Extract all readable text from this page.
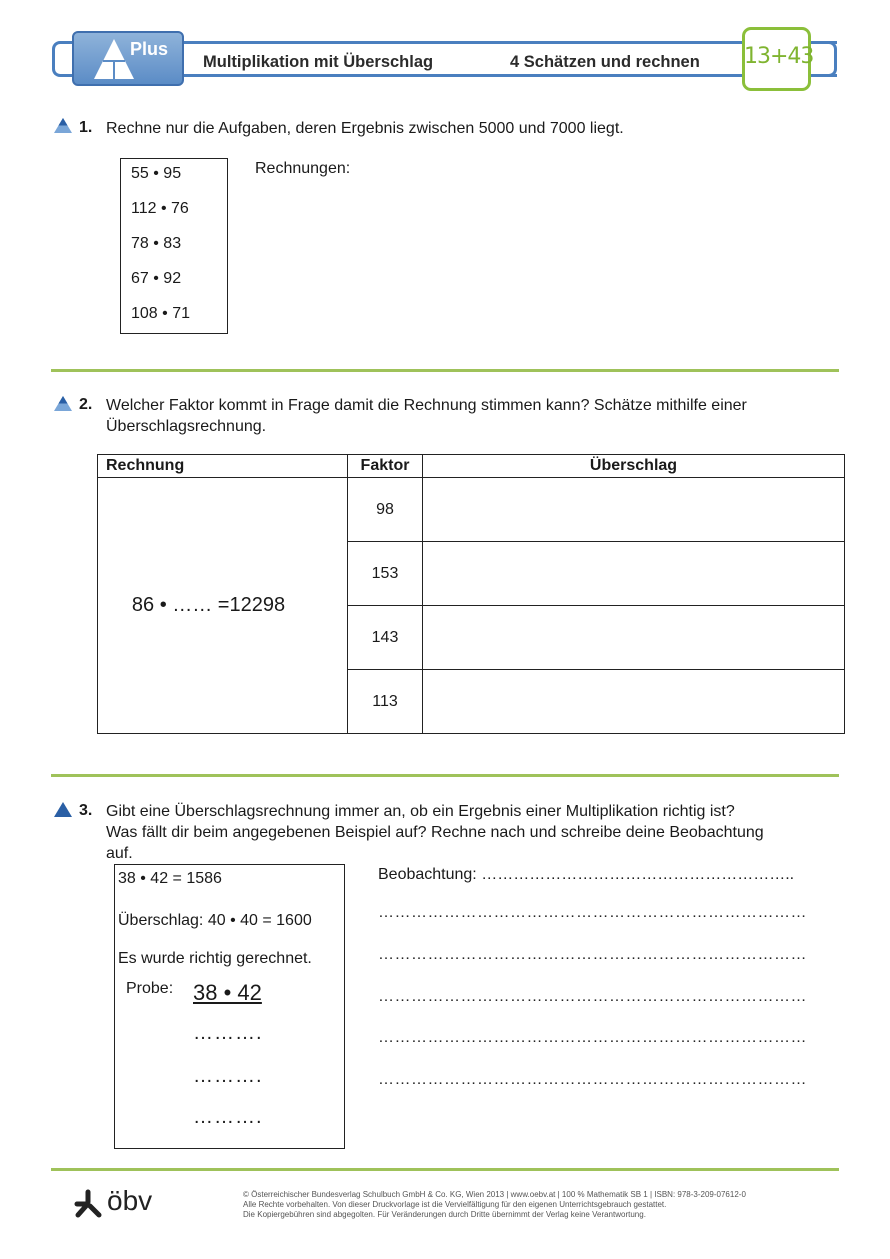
Plus
Multiplikation mit Überschlag	4 Schätzen und rechnen 13+43
1. Rechne nur die Aufgaben, deren Ergebnis zwischen 5000 und 7000 liegt.
55 • 95
112 • 76
78 • 83
67 • 92
108 • 71
Rechnungen:
2. Welcher Faktor kommt in Frage damit die Rechnung stimmen kann? Schätze mithilfe einer
Überschlagsrechnung.
Rechnung	Faktor	Überschlag
86 • …… =12298	98	
	153	
	143	
	113	
3. Gibt eine Überschlagsrechnung immer an, ob ein Ergebnis einer Multiplikation richtig ist?
Was fällt dir beim angegebenen Beispiel auf? Rechne nach und schreibe deine Beobachtung
auf.
38 • 42 = 1586
Überschlag: 40 • 40 = 1600
Es wurde richtig gerechnet.
Probe: 38 • 42
……….
……….
……….
Beobachtung: …………………………………………………..
……………………………………………………………………
……………………………………………………………………
……………………………………………………………………
……………………………………………………………………
……………………………………………………………………
öbv	© Österreichischer Bundesverlag Schulbuch GmbH & Co. KG, Wien 2013 | www.oebv.at | 100 % Mathematik SB 1 | ISBN: 978-3-209-07612-0
Alle Rechte vorbehalten. Von dieser Druckvorlage ist die Vervielfältigung für den eigenen Unterrichtsgebrauch gestattet.
Die Kopiergebühren sind abgegolten. Für Veränderungen durch Dritte übernimmt der Verlag keine Verantwortung.
